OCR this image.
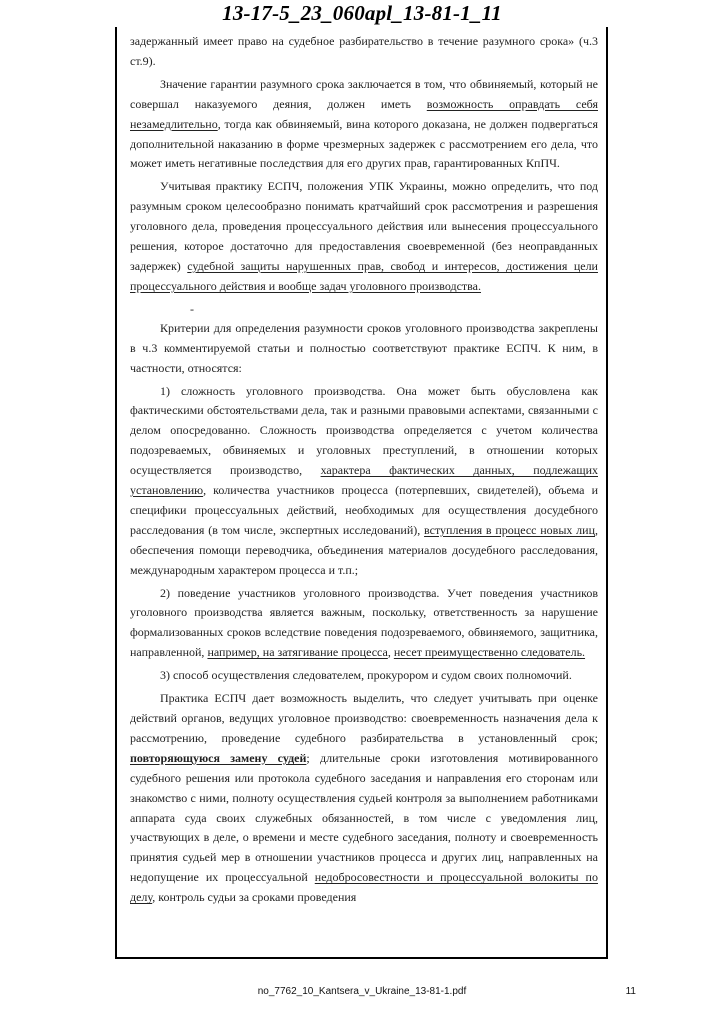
13-17-5_23_060apl_13-81-1_11

задержанный имеет право на судебное разбирательство в течение разумного срока» (ч.3 ст.9).

Значение гарантии разумного срока заключается в том, что обвиняемый, который не совершал наказуемого деяния, должен иметь возможность оправдать себя незамедлительно, тогда как обвиняемый, вина которого доказана, не должен подвергаться дополнительной наказанию в форме чрезмерных задержек с рассмотрением его дела, что может иметь негативные последствия для его других прав, гарантированных КпПЧ.

Учитывая практику ЕСПЧ, положения УПК Украины, можно определить, что под разумным сроком целесообразно понимать кратчайший срок рассмотрения и разрешения уголовного дела, проведения процессуального действия или вынесения процессуального решения, которое достаточно для предоставления своевременной (без неоправданных задержек) судебной защиты нарушенных прав, свобод и интересов, достижения цели процессуального действия и вообще задач уголовного производства.

-

Критерии для определения разумности сроков уголовного производства закреплены в ч.3 комментируемой статьи и полностью соответствуют практике ЕСПЧ. К ним, в частности, относятся:

1) сложность уголовного производства. Она может быть обусловлена как фактическими обстоятельствами дела, так и разными правовыми аспектами, связанными с делом опосредованно. Сложность производства определяется с учетом количества подозреваемых, обвиняемых и уголовных преступлений, в отношении которых осуществляется производство, характера фактических данных, подлежащих установлению, количества участников процесса (потерпевших, свидетелей), объема и специфики процессуальных действий, необходимых для осуществления досудебного расследования (в том числе, экспертных исследований), вступления в процесс новых лиц, обеспечения помощи переводчика, объединения материалов досудебного расследования, международным характером процесса и т.п.;

2) поведение участников уголовного производства. Учет поведения участников уголовного производства является важным, поскольку, ответственность за нарушение формализованных сроков вследствие поведения подозреваемого, обвиняемого, защитника, направленной, например, на затягивание процесса, несет преимущественно следователь.

3) способ осуществления следователем, прокурором и судом своих полномочий.

Практика ЕСПЧ дает возможность выделить, что следует учитывать при оценке действий органов, ведущих уголовное производство: своевременность назначения дела к рассмотрению, проведение судебного разбирательства в установленный срок; повторяющуюся замену судей; длительные сроки изготовления мотивированного судебного решения или протокола судебного заседания и направления его сторонам или знакомство с ними, полноту осуществления судьей контроля за выполнением работниками аппарата суда своих служебных обязанностей, в том числе с уведомления лиц, участвующих в деле, о времени и месте судебного заседания, полноту и своевременность принятия судьей мер в отношении участников процесса и других лиц, направленных на недопущение их процессуальной недобросовестности и процессуальной волокиты по делу, контроль судьи за сроками проведения

no_7762_10_Kantsera_v_Ukraine_13-81-1.pdf	11
